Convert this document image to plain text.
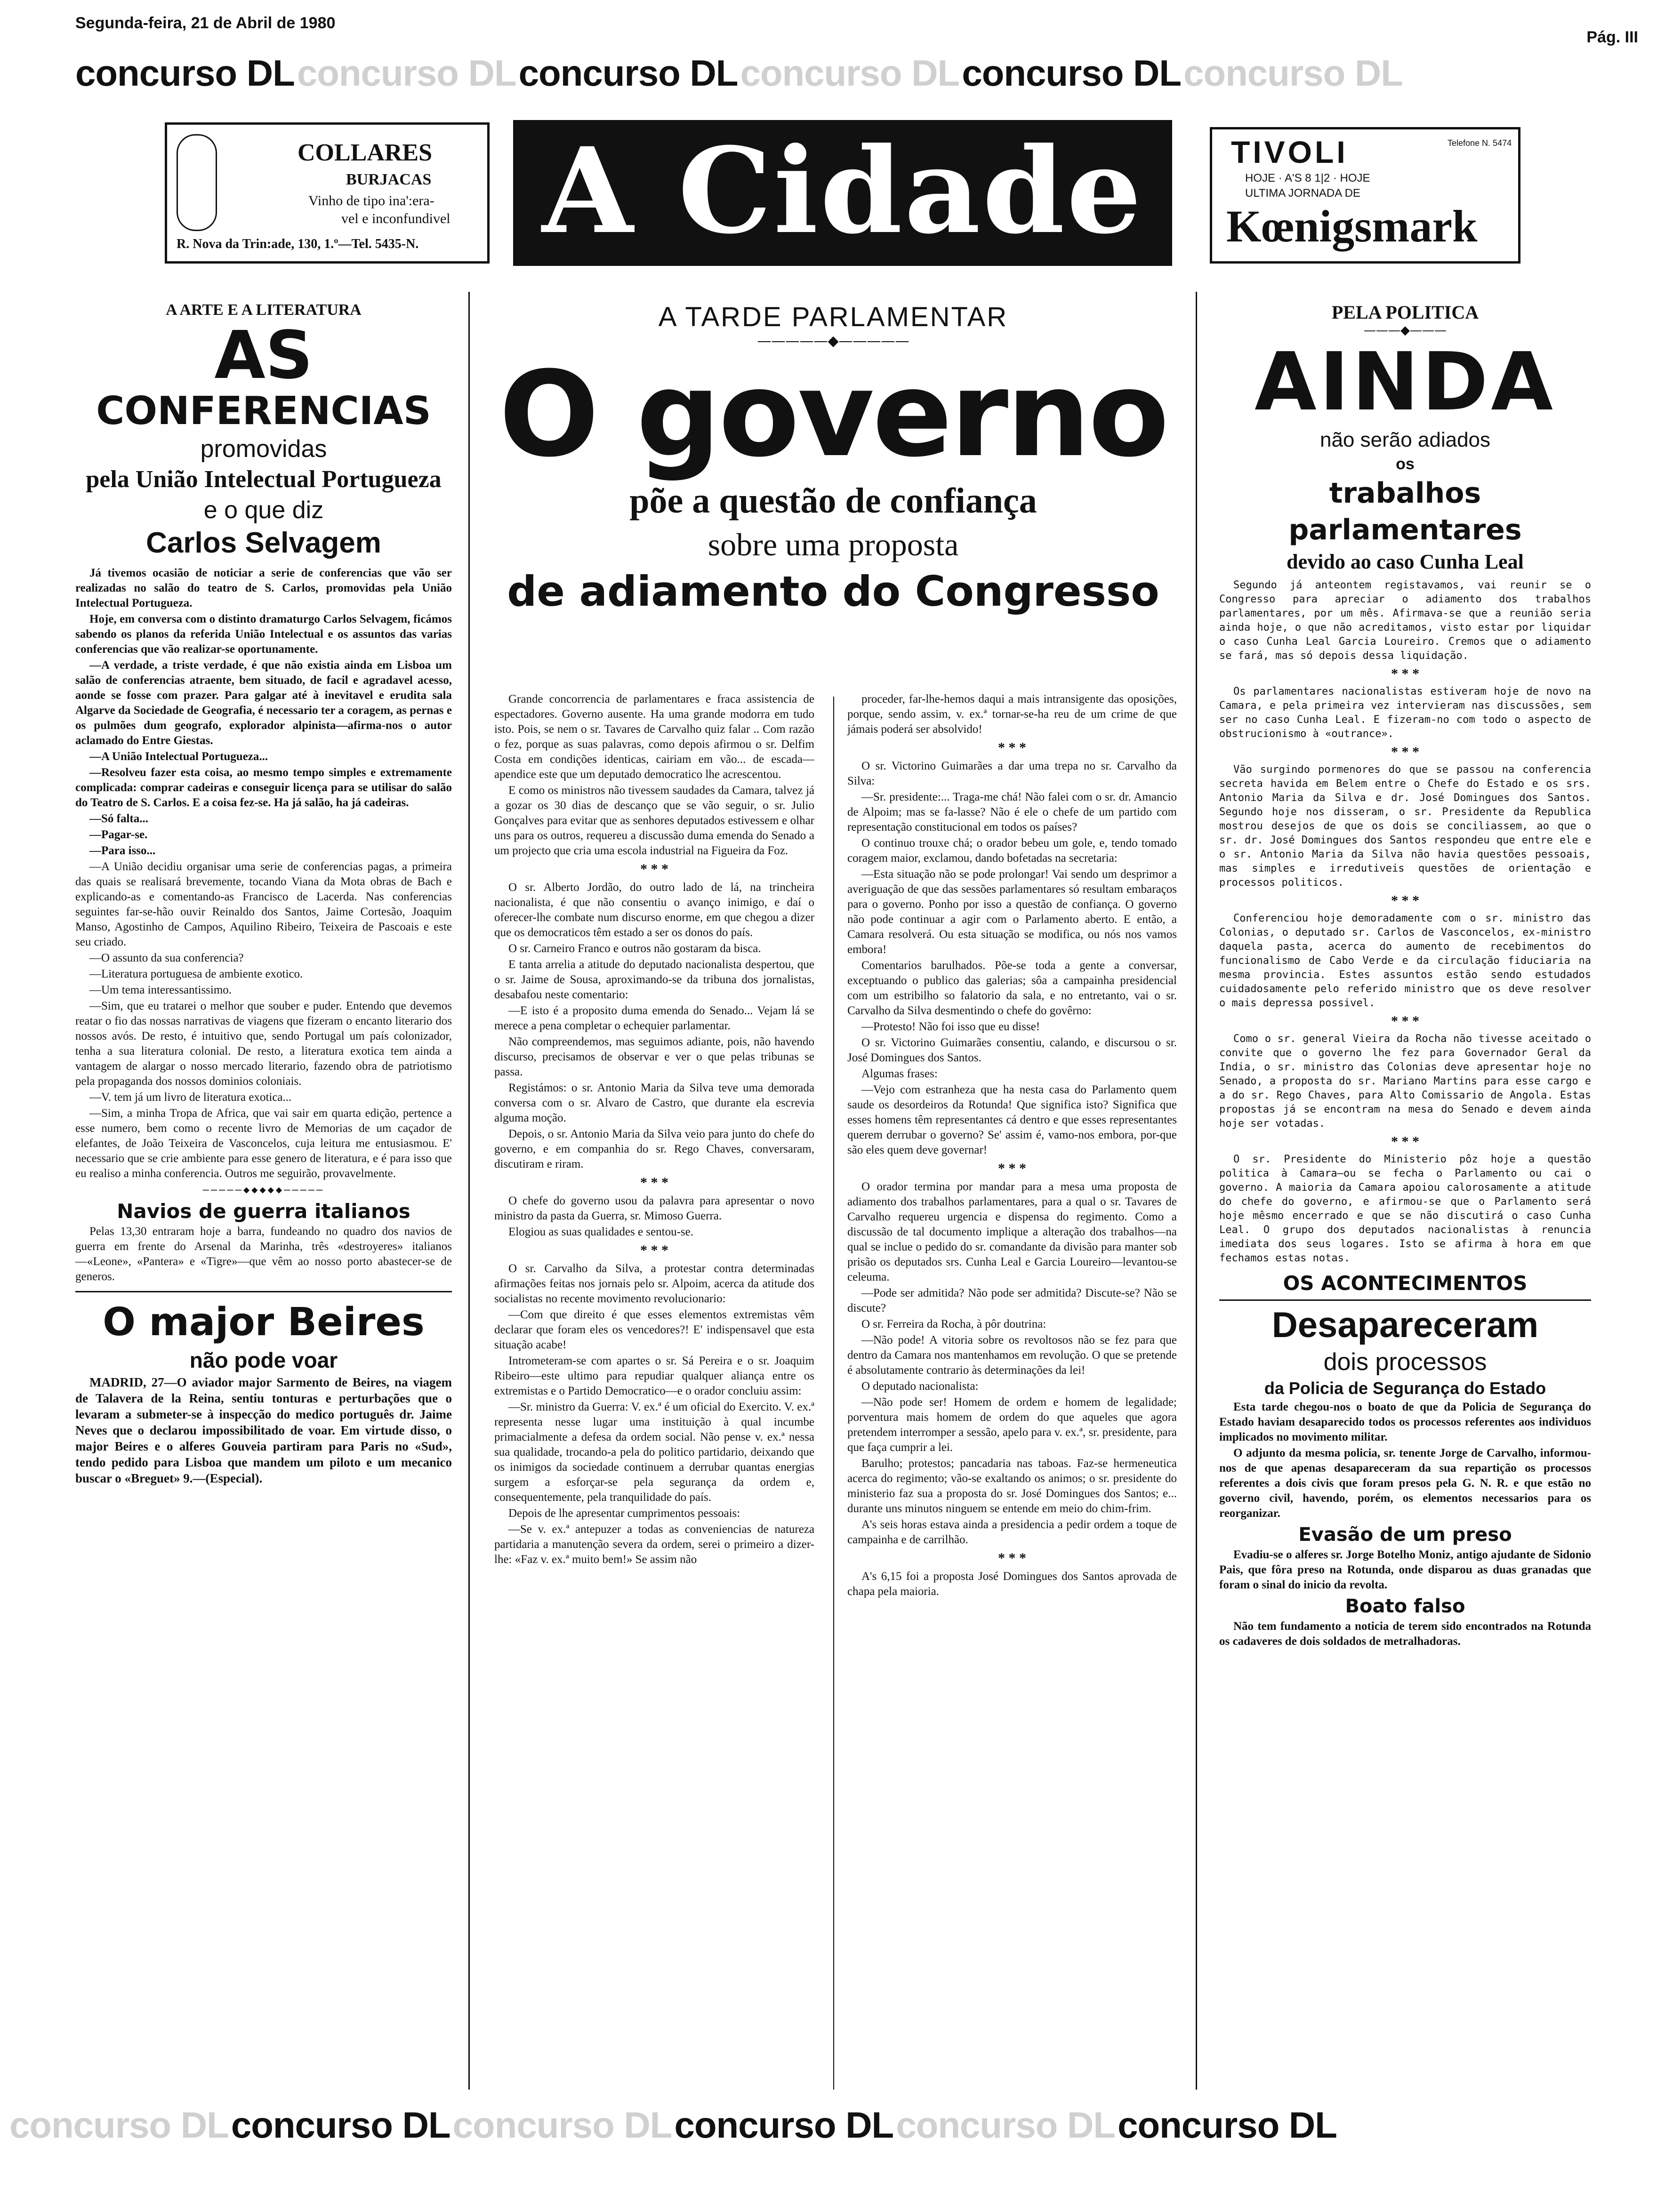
Segunda-feira, 21 de Abril de 1980
Pág. III
concurso DL concurso DL concurso DL concurso DL concurso DL concurso DL
COLLARES
BURJACAS
Vinho de tipo ina':era-
vel e inconfundivel
R. Nova da Trin:ade, 130, 1.º—Tel. 5435-N. A Cidade	TIVOLI	Telefone N. 5474
HOJE · A'S 8 1|2 · HOJE
ULTIMA JORNADA DE
Kœnigsmark
A ARTE E A LITERATURA
AS
CONFERENCIAS
promovidas
pela União Intelectual Portugueza
e o que diz
Carlos Selvagem

Já tivemos ocasião de noticiar a serie de conferencias que vão ser realizadas no salão do teatro de S. Carlos, promovidas pela União Intelectual Portugueza.

Hoje, em conversa com o distinto dramaturgo Carlos Selvagem, ficámos sabendo os planos da referida União Intelectual e os assuntos das varias conferencias que vão realizar-se oportunamente.

—A verdade, a triste verdade, é que não existia ainda em Lisboa um salão de conferencias atraente, bem situado, de facil e agradavel acesso, aonde se fosse com prazer. Para galgar até à inevitavel e erudita sala Algarve da Sociedade de Geografia, é necessario ter a coragem, as pernas e os pulmões dum geografo, explorador alpinista—afirma-nos o autor aclamado do Entre Giestas.

—A União Intelectual Portugueza...

—Resolveu fazer esta coisa, ao mesmo tempo simples e extremamente complicada: comprar cadeiras e conseguir licença para se utilisar do salão do Teatro de S. Carlos. E a coisa fez-se. Ha já salão, ha já cadeiras.

—Só falta...

—Pagar-se.

—Para isso...

—A União decidiu organisar uma serie de conferencias pagas, a primeira das quais se realisará brevemente, tocando Viana da Mota obras de Bach e explicando-as e comentando-as Francisco de Lacerda. Nas conferencias seguintes far-se-hão ouvir Reinaldo dos Santos, Jaime Cortesão, Joaquim Manso, Agostinho de Campos, Aquilino Ribeiro, Teixeira de Pascoais e este seu criado.

—O assunto da sua conferencia?

—Literatura portuguesa de ambiente exotico.

—Um tema interessantissimo.

—Sim, que eu tratarei o melhor que souber e puder. Entendo que devemos reatar o fio das nossas narrativas de viagens que fizeram o encanto literario dos nossos avós. De resto, é intuitivo que, sendo Portugal um país colonizador, tenha a sua literatura colonial. De resto, a literatura exotica tem ainda a vantagem de alargar o nosso mercado literario, fazendo obra de patriotismo pela propaganda dos nossos dominios coloniais.

—V. tem já um livro de literatura exotica...

—Sim, a minha Tropa de Africa, que vai sair em quarta edição, pertence a esse numero, bem como o recente livro de Memorias de um caçador de elefantes, de João Teixeira de Vasconcelos, cuja leitura me entusiasmou. E' necessario que se crie ambiente para esse genero de literatura, e é para isso que eu realiso a minha conferencia. Outros me seguirão, provavelmente.

—————◆◆◆◆◆—————
Navios de guerra italianos

Pelas 13,30 entraram hoje a barra, fundeando no quadro dos navios de guerra em frente do Arsenal da Marinha, três «destroyeres» italianos—«Leone», «Pantera» e «Tigre»—que vêm ao nosso porto abastecer-se de generos.

O major Beires
não pode voar

MADRID, 27—O aviador major Sarmento de Beires, na viagem de Talavera de la Reina, sentiu tonturas e perturbações que o levaram a submeter-se à inspecção do medico português dr. Jaime Neves que o declarou impossibilitado de voar. Em virtude disso, o major Beires e o alferes Gouveia partiram para Paris no «Sud», tendo pedido para Lisboa que mandem um piloto e um mecanico buscar o «Breguet» 9.—(Especial).

A TARDE PARLAMENTAR
—————◆—————
O governo
põe a questão de confiança
sobre uma proposta
de adiamento do Congresso

Grande concorrencia de parlamentares e fraca assistencia de espectadores. Governo ausente. Ha uma grande modorra em tudo isto. Pois, se nem o sr. Tavares de Carvalho quiz falar .. Com razão o fez, porque as suas palavras, como depois afirmou o sr. Delfim Costa em condições identicas, cairiam em vão... de escada—apendice este que um deputado democratico lhe acrescentou.

E como os ministros não tivessem saudades da Camara, talvez já a gozar os 30 dias de descanço que se vão seguir, o sr. Julio Gonçalves para evitar que as senhores deputados estivessem e olhar uns para os outros, requereu a discussão duma emenda do Senado a um projecto que cria uma escola industrial na Figueira da Foz.

* * *

O sr. Alberto Jordão, do outro lado de lá, na trincheira nacionalista, é que não consentiu o avanço inimigo, e daí o oferecer-lhe combate num discurso enorme, em que chegou a dizer que os democraticos têm estado a ser os donos do país.

O sr. Carneiro Franco e outros não gostaram da bisca.

E tanta arrelia a atitude do deputado nacionalista despertou, que o sr. Jaime de Sousa, aproximando-se da tribuna dos jornalistas, desabafou neste comentario:

—E isto é a proposito duma emenda do Senado... Vejam lá se merece a pena completar o echequier parlamentar.

Não compreendemos, mas seguimos adiante, pois, não havendo discurso, precisamos de observar e ver o que pelas tribunas se passa.

Registámos: o sr. Antonio Maria da Silva teve uma demorada conversa com o sr. Alvaro de Castro, que durante ela escrevia alguma moção.

Depois, o sr. Antonio Maria da Silva veio para junto do chefe do governo, e em companhia do sr. Rego Chaves, conversaram, discutiram e riram.

* * *

O chefe do governo usou da palavra para apresentar o novo ministro da pasta da Guerra, sr. Mimoso Guerra.

Elogiou as suas qualidades e sentou-se.

* * *

O sr. Carvalho da Silva, a protestar contra determinadas afirmações feitas nos jornais pelo sr. Alpoim, acerca da atitude dos socialistas no recente movimento revolucionario:

—Com que direito é que esses elementos extremistas vêm declarar que foram eles os vencedores?! E' indispensavel que esta situação acabe!

Intrometeram-se com apartes o sr. Sá Pereira e o sr. Joaquim Ribeiro—este ultimo para repudiar qualquer aliança entre os extremistas e o Partido Democratico—e o orador concluiu assim:

—Sr. ministro da Guerra: V. ex.ª é um oficial do Exercito. V. ex.ª representa nesse lugar uma instituição à qual incumbe primacialmente a defesa da ordem social. Não pense v. ex.ª nessa sua qualidade, trocando-a pela do politico partidario, deixando que os inimigos da sociedade continuem a derrubar quantas energias surgem a esforçar-se pela segurança da ordem e, consequentemente, pela tranquilidade do país.

Depois de lhe apresentar cumprimentos pessoais:

—Se v. ex.ª antepuzer a todas as conveniencias de natureza partidaria a manutenção severa da ordem, serei o primeiro a dizer-lhe: «Faz v. ex.ª muito bem!» Se assim não

proceder, far-lhe-hemos daqui a mais intransigente das oposições, porque, sendo assim, v. ex.ª tornar-se-ha reu de um crime de que jámais poderá ser absolvido!

* * *

O sr. Victorino Guimarães a dar uma trepa no sr. Carvalho da Silva:

—Sr. presidente:... Traga-me chá! Não falei com o sr. dr. Amancio de Alpoim; mas se fa-lasse? Não é ele o chefe de um partido com representação constitucional em todos os países?

O continuo trouxe chá; o orador bebeu um gole, e, tendo tomado coragem maior, exclamou, dando bofetadas na secretaria:

—Esta situação não se pode prolongar! Vai sendo um desprimor a averiguação de que das sessões parlamentares só resultam embaraços para o governo. Ponho por isso a questão de confiança. O governo não pode continuar a agir com o Parlamento aberto. E então, a Camara resolverá. Ou esta situação se modifica, ou nós nos vamos embora!

Comentarios barulhados. Põe-se toda a gente a conversar, exceptuando o publico das galerias; sôa a campainha presidencial com um estribilho so falatorio da sala, e no entretanto, vai o sr. Carvalho da Silva desmentindo o chefe do govêrno:

—Protesto! Não foi isso que eu disse!

O sr. Victorino Guimarães consentiu, calando, e discursou o sr. José Domingues dos Santos.

Algumas frases:

—Vejo com estranheza que ha nesta casa do Parlamento quem saude os desordeiros da Rotunda! Que significa isto? Significa que esses homens têm representantes cá dentro e que esses representantes querem derrubar o governo? Se' assim é, vamo-nos embora, por-que são eles quem deve governar!

* * *

O orador termina por mandar para a mesa uma proposta de adiamento dos trabalhos parlamentares, para a qual o sr. Tavares de Carvalho requereu urgencia e dispensa do regimento. Como a discussão de tal documento implique a alteração dos trabalhos—na qual se inclue o pedido do sr. comandante da divisão para manter sob prisão os deputados srs. Cunha Leal e Garcia Loureiro—levantou-se celeuma.

—Pode ser admitida? Não pode ser admitida? Discute-se? Não se discute?

O sr. Ferreira da Rocha, à pôr doutrina:

—Não pode! A vitoria sobre os revoltosos não se fez para que dentro da Camara nos mantenhamos em revolução. O que se pretende é absolutamente contrario às determinações da lei!

O deputado nacionalista:

—Não pode ser! Homem de ordem e homem de legalidade; porventura mais homem de ordem do que aqueles que agora pretendem interromper a sessão, apelo para v. ex.ª, sr. presidente, para que faça cumprir a lei.

Barulho; protestos; pancadaria nas taboas. Faz-se hermeneutica acerca do regimento; vão-se exaltando os animos; o sr. presidente do ministerio faz sua a proposta do sr. José Domingues dos Santos; e... durante uns minutos ninguem se entende em meio do chim-frim.

A's seis horas estava ainda a presidencia a pedir ordem a toque de campainha e de carrilhão.

* * *

A's 6,15 foi a proposta José Domingues dos Santos aprovada de chapa pela maioria.

PELA POLITICA
———◆———
AINDA
não serão adiados
os
trabalhos parlamentares
devido ao caso Cunha Leal

Segundo já anteontem registavamos, vai reunir se o Congresso para apreciar o adiamento dos trabalhos parlamentares, por um mês. Afirmava-se que a reunião seria ainda hoje, o que não acreditamos, visto estar por liquidar o caso Cunha Leal Garcia Loureiro. Cremos que o adiamento se fará, mas só depois dessa liquidação.

* * *

Os parlamentares nacionalistas estiveram hoje de novo na Camara, e pela primeira vez intervieram nas discussões, sem ser no caso Cunha Leal. E fizeram-no com todo o aspecto de obstrucionismo à «outrance».

* * *

Vão surgindo pormenores do que se passou na conferencia secreta havida em Belem entre o Chefe do Estado e os srs. Antonio Maria da Silva e dr. José Domingues dos Santos. Segundo hoje nos disseram, o sr. Presidente da Republica mostrou desejos de que os dois se conciliassem, ao que o sr. dr. José Domingues dos Santos respondeu que entre ele e o sr. Antonio Maria da Silva não havia questões pessoais, mas simples e irredutiveis questões de orientação e processos politicos.

* * *

Conferenciou hoje demoradamente com o sr. ministro das Colonias, o deputado sr. Carlos de Vasconcelos, ex-ministro daquela pasta, acerca do aumento de recebimentos do funcionalismo de Cabo Verde e da circulação fiduciaria na mesma provincia. Estes assuntos estão sendo estudados cuidadosamente pelo referido ministro que os deve resolver o mais depressa possivel.

* * *

Como o sr. general Vieira da Rocha não tivesse aceitado o convite que o governo lhe fez para Governador Geral da India, o sr. ministro das Colonias deve apresentar hoje no Senado, a proposta do sr. Mariano Martins para esse cargo e a do sr. Rego Chaves, para Alto Comissario de Angola. Estas propostas já se encontram na mesa do Senado e devem ainda hoje ser votadas.

* * *

O sr. Presidente do Ministerio pôz hoje a questão politica à Camara—ou se fecha o Parlamento ou cai o governo. A maioria da Camara apoiou calorosamente a atitude do chefe do governo, e afirmou-se que o Parlamento será hoje mêsmo encerrado e que se não discutirá o caso Cunha Leal. O grupo dos deputados nacionalistas à renuncia imediata dos seus logares. Isto se afirma à hora em que fechamos estas notas.

OS ACONTECIMENTOS
Desapareceram
dois processos
da Policia de Segurança do Estado

Esta tarde chegou-nos o boato de que da Policia de Segurança do Estado haviam desaparecido todos os processos referentes aos individuos implicados no movimento militar.

O adjunto da mesma policia, sr. tenente Jorge de Carvalho, informou-nos de que apenas desapareceram da sua repartição os processos referentes a dois civis que foram presos pela G. N. R. e que estão no governo civil, havendo, porém, os elementos necessarios para os reorganizar.

Evasão de um preso

Evadiu-se o alferes sr. Jorge Botelho Moniz, antigo ajudante de Sidonio Pais, que fôra preso na Rotunda, onde disparou as duas granadas que foram o sinal do inicio da revolta.

Boato falso

Não tem fundamento a noticia de terem sido encontrados na Rotunda os cadaveres de dois soldados de metralhadoras.

concurso DL concurso DL concurso DL concurso DL concurso DL concurso DL
